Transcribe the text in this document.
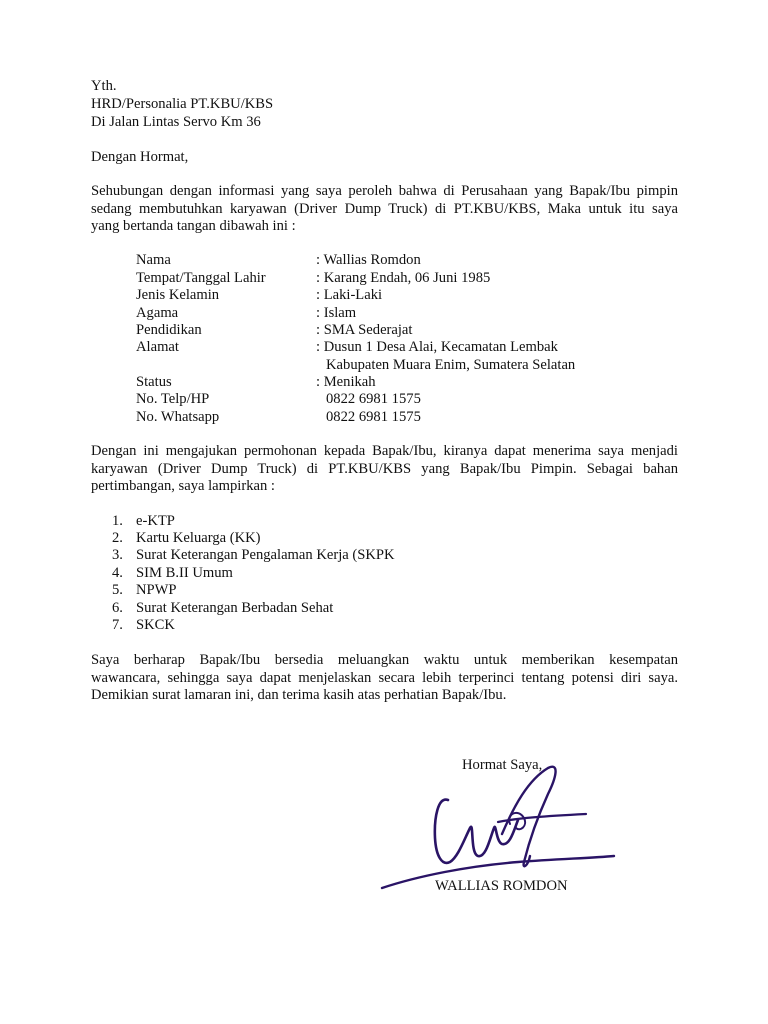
Yth.
HRD/Personalia PT.KBU/KBS
Di Jalan Lintas Servo Km 36
Dengan Hormat,
Sehubungan dengan informasi yang saya peroleh bahwa di Perusahaan yang Bapak/Ibu pimpin
sedang membutuhkan karyawan (Driver Dump Truck) di PT.KBU/KBS, Maka untuk itu saya
yang bertanda tangan dibawah ini :
Nama	: Wallias Romdon
Tempat/Tanggal Lahir	: Karang Endah, 06 Juni 1985
Jenis Kelamin	: Laki-Laki
Agama	: Islam
Pendidikan	: SMA Sederajat
Alamat	: Dusun 1 Desa Alai, Kecamatan Lembak
Kabupaten Muara Enim, Sumatera Selatan
Status	: Menikah
No. Telp/HP	0822 6981 1575
No. Whatsapp	0822 6981 1575
Dengan ini mengajukan permohonan kepada Bapak/Ibu, kiranya dapat menerima saya menjadi
karyawan (Driver Dump Truck) di PT.KBU/KBS yang Bapak/Ibu Pimpin. Sebagai bahan
pertimbangan, saya lampirkan :
1. e-KTP
2. Kartu Keluarga (KK)
3. Surat Keterangan Pengalaman Kerja (SKPK
4. SIM B.II Umum
5. NPWP
6. Surat Keterangan Berbadan Sehat
7. SKCK
Saya berharap Bapak/Ibu bersedia meluangkan waktu untuk memberikan kesempatan
wawancara, sehingga saya dapat menjelaskan secara lebih terperinci tentang potensi diri saya.
Demikian surat lamaran ini, dan terima kasih atas perhatian Bapak/Ibu.
Hormat Saya,
WALLIAS ROMDON
